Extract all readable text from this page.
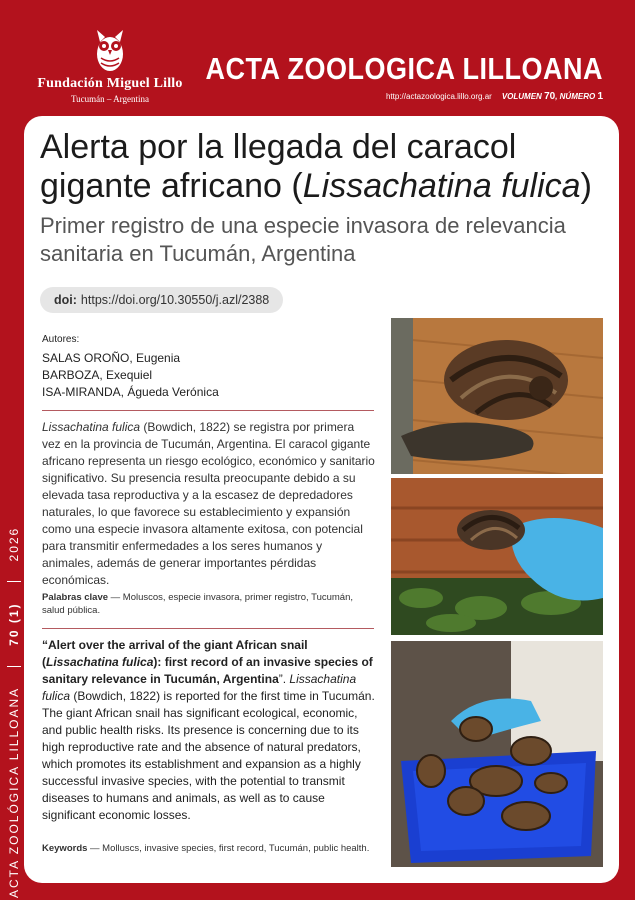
Fundación Miguel Lillo
Tucumán – Argentina
ACTA ZOOLOGICA LILLOANA
http://actazoologica.lillo.org.ar VOLUMEN 70, NÚMERO 1
ACTA ZOOLÓGICA LILLOANA
70 (1)
2026
Alerta por la llegada del caracol gigante africano (Lissachatina fulica)
Primer registro de una especie invasora de relevancia sanitaria en Tucumán, Argentina
doi: https://doi.org/10.30550/j.azl/2388
Autores:
SALAS OROÑO, Eugenia
BARBOZA, Exequiel
ISA-MIRANDA, Águeda Verónica
Lissachatina fulica (Bowdich, 1822) se registra por primera vez en la provincia de Tucumán, Argentina. El caracol gigante africano representa un riesgo ecológico, económico y sanitario significativo. Su presencia resulta preocupante debido a su elevada tasa reproductiva y a la escasez de depredadores naturales, lo que favorece su establecimiento y expansión como una especie invasora altamente exitosa, con potencial para transmitir enfermedades a los seres humanos y animales, además de generar importantes pérdidas económicas.
Palabras clave — Moluscos, especie invasora, primer registro, Tucumán, salud pública.
“Alert over the arrival of the giant African snail (Lissachatina fulica): first record of an invasive species of sanitary relevance in Tucumán, Argentina”. Lissachatina fulica (Bowdich, 1822) is reported for the first time in Tucumán. The giant African snail has significant ecological, economic, and public health risks. Its presence is concerning due to its high reproductive rate and the absence of natural predators, which promotes its establishment and expansion as a highly successful invasive species, with the potential to transmit diseases to humans and animals, as well as to cause significant economic losses.
Keywords — Molluscs, invasive species, first record, Tucumán, public health.
